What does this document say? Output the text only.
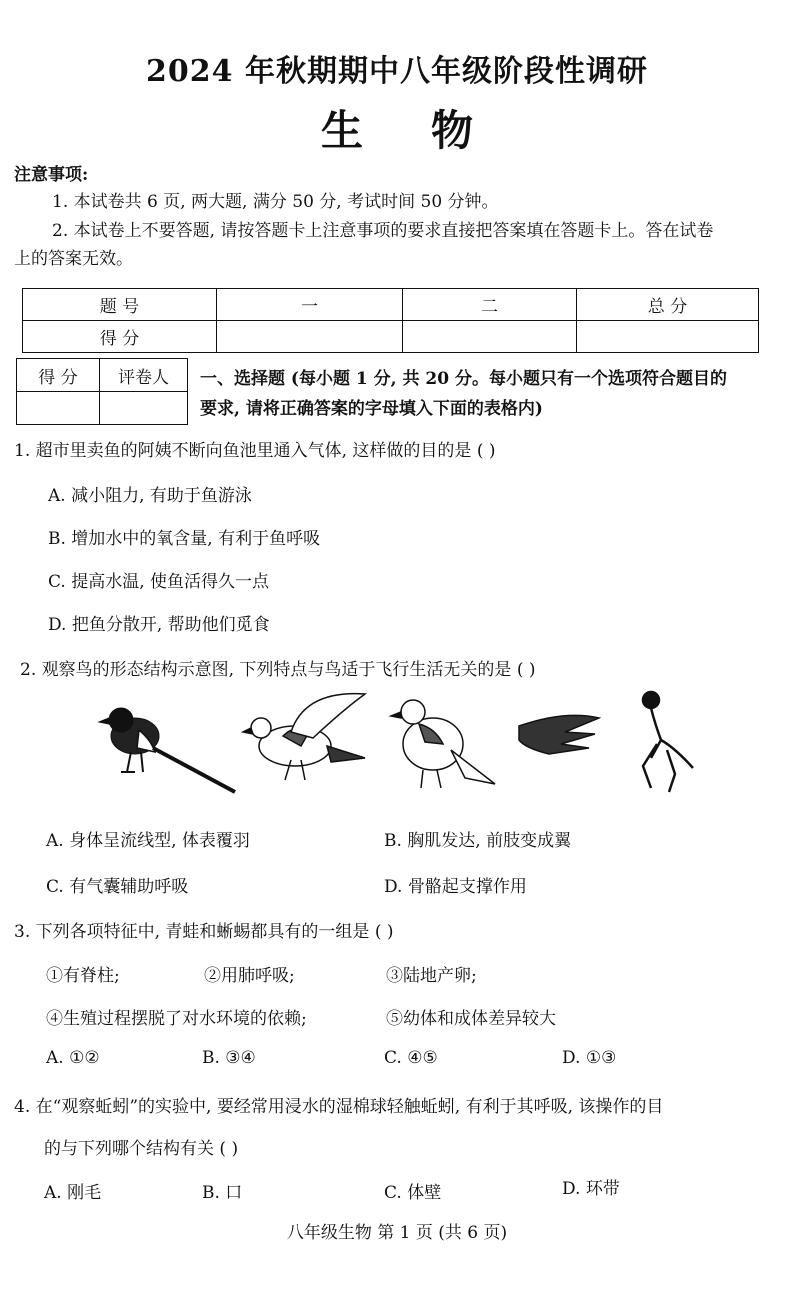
2024 年秋期期中八年级阶段性调研
生 物
注意事项:
1. 本试卷共 6 页, 两大题, 满分 50 分, 考试时间 50 分钟。
2. 本试卷上不要答题, 请按答题卡上注意事项的要求直接把答案填在答题卡上。答在试卷
上的答案无效。
题 号	一	二	总 分
得 分			
得 分	评卷人
	一、选择题 (每小题 1 分, 共 20 分。每小题只有一个选项符合题目的
要求, 请将正确答案的字母填入下面的表格内)
1. 超市里卖鱼的阿姨不断向鱼池里通入气体, 这样做的目的是 ( )
A. 减小阻力, 有助于鱼游泳
B. 增加水中的氧含量, 有利于鱼呼吸
C. 提高水温, 使鱼活得久一点
D. 把鱼分散开, 帮助他们觅食
2. 观察鸟的形态结构示意图, 下列特点与鸟适于飞行生活无关的是 ( )
A. 身体呈流线型, 体表覆羽	B. 胸肌发达, 前肢变成翼
C. 有气囊辅助呼吸	D. 骨骼起支撑作用
3. 下列各项特征中, 青蛙和蜥蜴都具有的一组是 ( )
①有脊柱;	②用肺呼吸;	③陆地产卵;
④生殖过程摆脱了对水环境的依赖;	⑤幼体和成体差异较大
A. ①②	B. ③④	C. ④⑤	D. ①③
4. 在“观察蚯蚓”的实验中, 要经常用浸水的湿棉球轻触蚯蚓, 有利于其呼吸, 该操作的目
的与下列哪个结构有关 ( )
A. 刚毛	B. 口	C. 体壁	D. 环带
八年级生物 第 1 页 (共 6 页)
